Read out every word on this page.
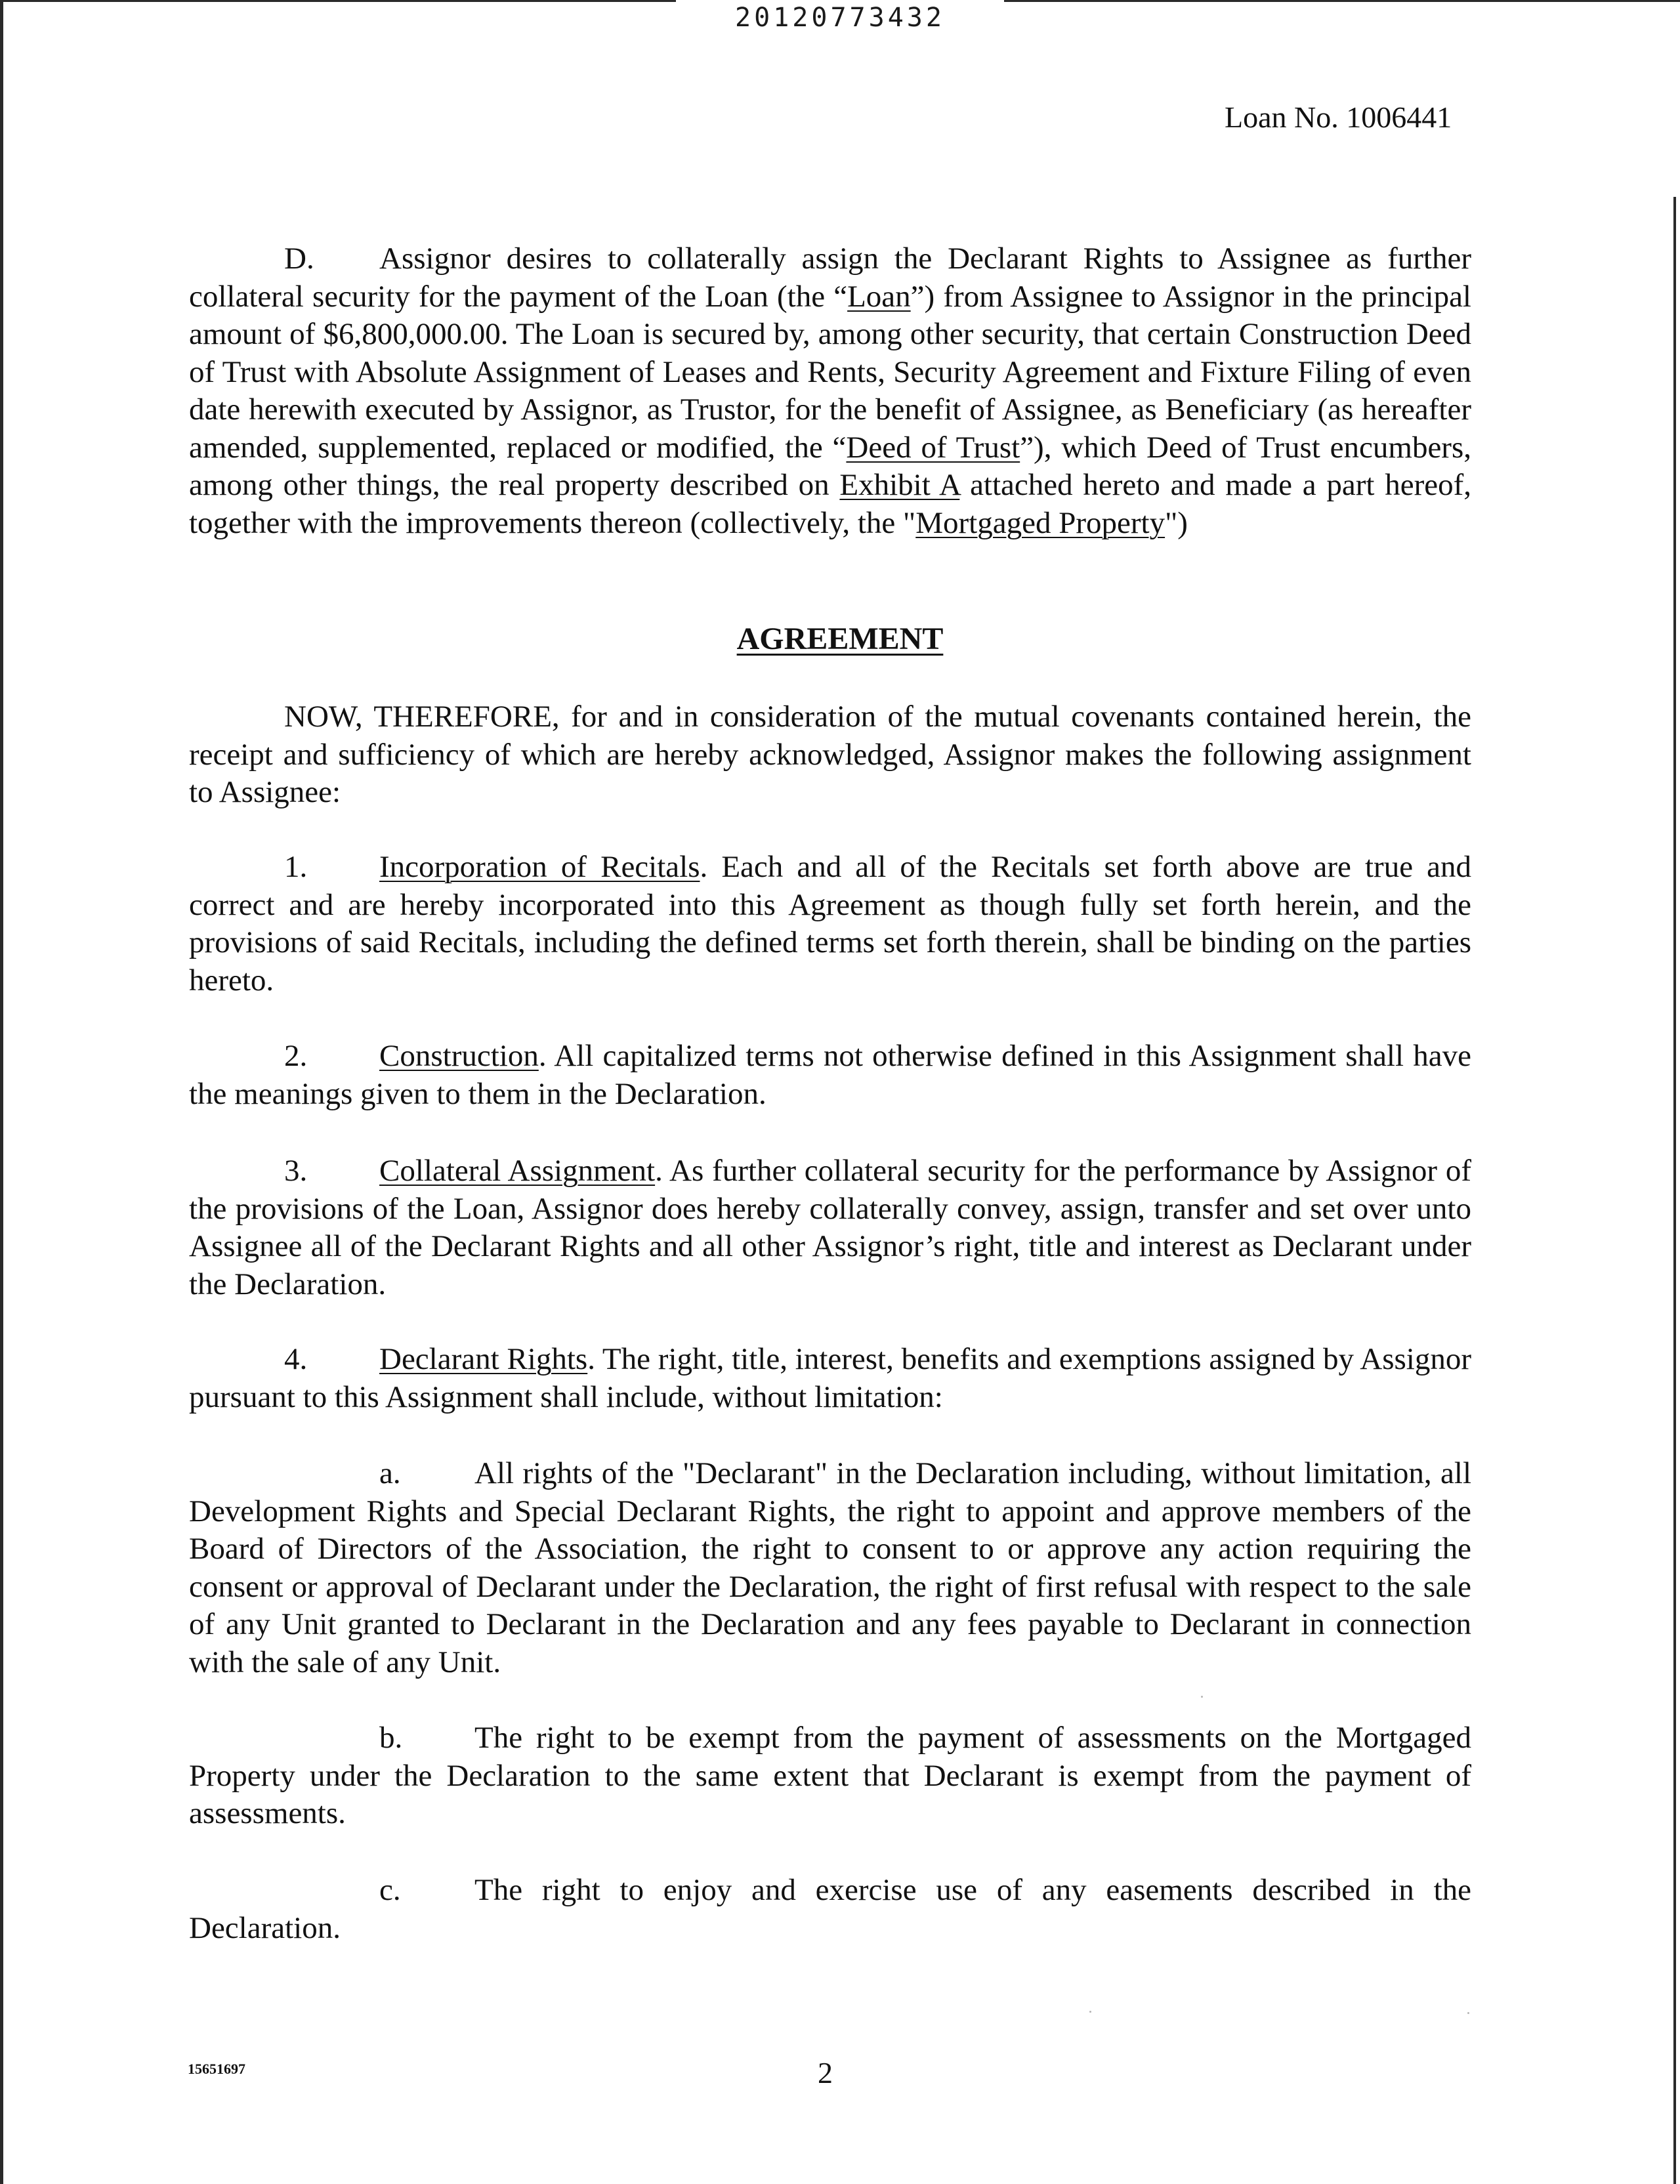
20120773432
Loan No. 1006441
D. Assignor desires to collaterally assign the Declarant Rights to Assignee as further collateral security for the payment of the Loan (the “Loan”) from Assignee to Assignor in the principal amount of $6,800,000.00. The Loan is secured by, among other security, that certain Construction Deed of Trust with Absolute Assignment of Leases and Rents, Security Agreement and Fixture Filing of even date herewith executed by Assignor, as Trustor, for the benefit of Assignee, as Beneficiary (as hereafter amended, supplemented, replaced or modified, the “Deed of Trust”), which Deed of Trust encumbers, among other things, the real property described on Exhibit A attached hereto and made a part hereof, together with the improvements thereon (collectively, the "Mortgaged Property")
AGREEMENT
NOW, THEREFORE, for and in consideration of the mutual covenants contained herein, the receipt and sufficiency of which are hereby acknowledged, Assignor makes the following assignment to Assignee:
1. Incorporation of Recitals. Each and all of the Recitals set forth above are true and correct and are hereby incorporated into this Agreement as though fully set forth herein, and the provisions of said Recitals, including the defined terms set forth therein, shall be binding on the parties hereto.
2. Construction. All capitalized terms not otherwise defined in this Assignment shall have the meanings given to them in the Declaration.
3. Collateral Assignment. As further collateral security for the performance by Assignor of the provisions of the Loan, Assignor does hereby collaterally convey, assign, transfer and set over unto Assignee all of the Declarant Rights and all other Assignor’s right, title and interest as Declarant under the Declaration.
4. Declarant Rights. The right, title, interest, benefits and exemptions assigned by Assignor pursuant to this Assignment shall include, without limitation:
a. All rights of the "Declarant" in the Declaration including, without limitation, all Development Rights and Special Declarant Rights, the right to appoint and approve members of the Board of Directors of the Association, the right to consent to or approve any action requiring the consent or approval of Declarant under the Declaration, the right of first refusal with respect to the sale of any Unit granted to Declarant in the Declaration and any fees payable to Declarant in connection with the sale of any Unit.
b. The right to be exempt from the payment of assessments on the Mortgaged Property under the Declaration to the same extent that Declarant is exempt from the payment of assessments.
c. The right to enjoy and exercise use of any easements described in the Declaration.
15651697	2
